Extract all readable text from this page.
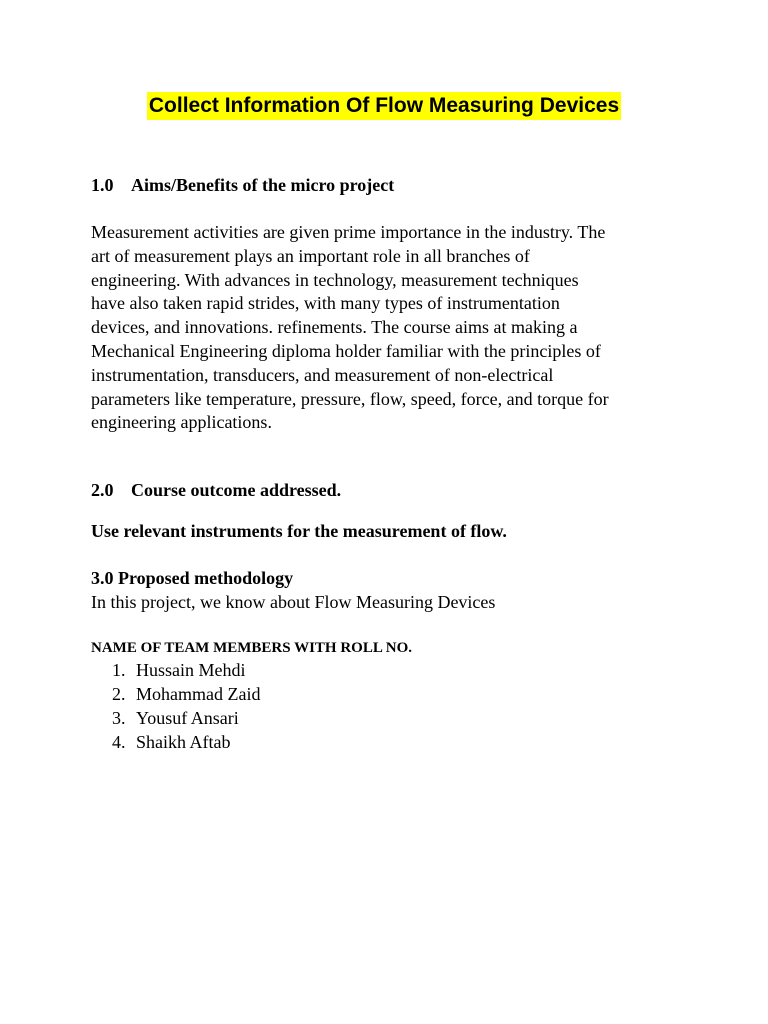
Collect Information Of Flow Measuring Devices
1.0 Aims/Benefits of the micro project
Measurement activities are given prime importance in the industry. The
art of measurement plays an important role in all branches of
engineering. With advances in technology, measurement techniques
have also taken rapid strides, with many types of instrumentation
devices, and innovations. refinements. The course aims at making a
Mechanical Engineering diploma holder familiar with the principles of
instrumentation, transducers, and measurement of non-electrical
parameters like temperature, pressure, flow, speed, force, and torque for
engineering applications.
2.0 Course outcome addressed.
Use relevant instruments for the measurement of flow.
3.0 Proposed methodology
In this project, we know about Flow Measuring Devices
NAME OF TEAM MEMBERS WITH ROLL NO.
1. Hussain Mehdi
2. Mohammad Zaid
3. Yousuf Ansari
4. Shaikh Aftab
